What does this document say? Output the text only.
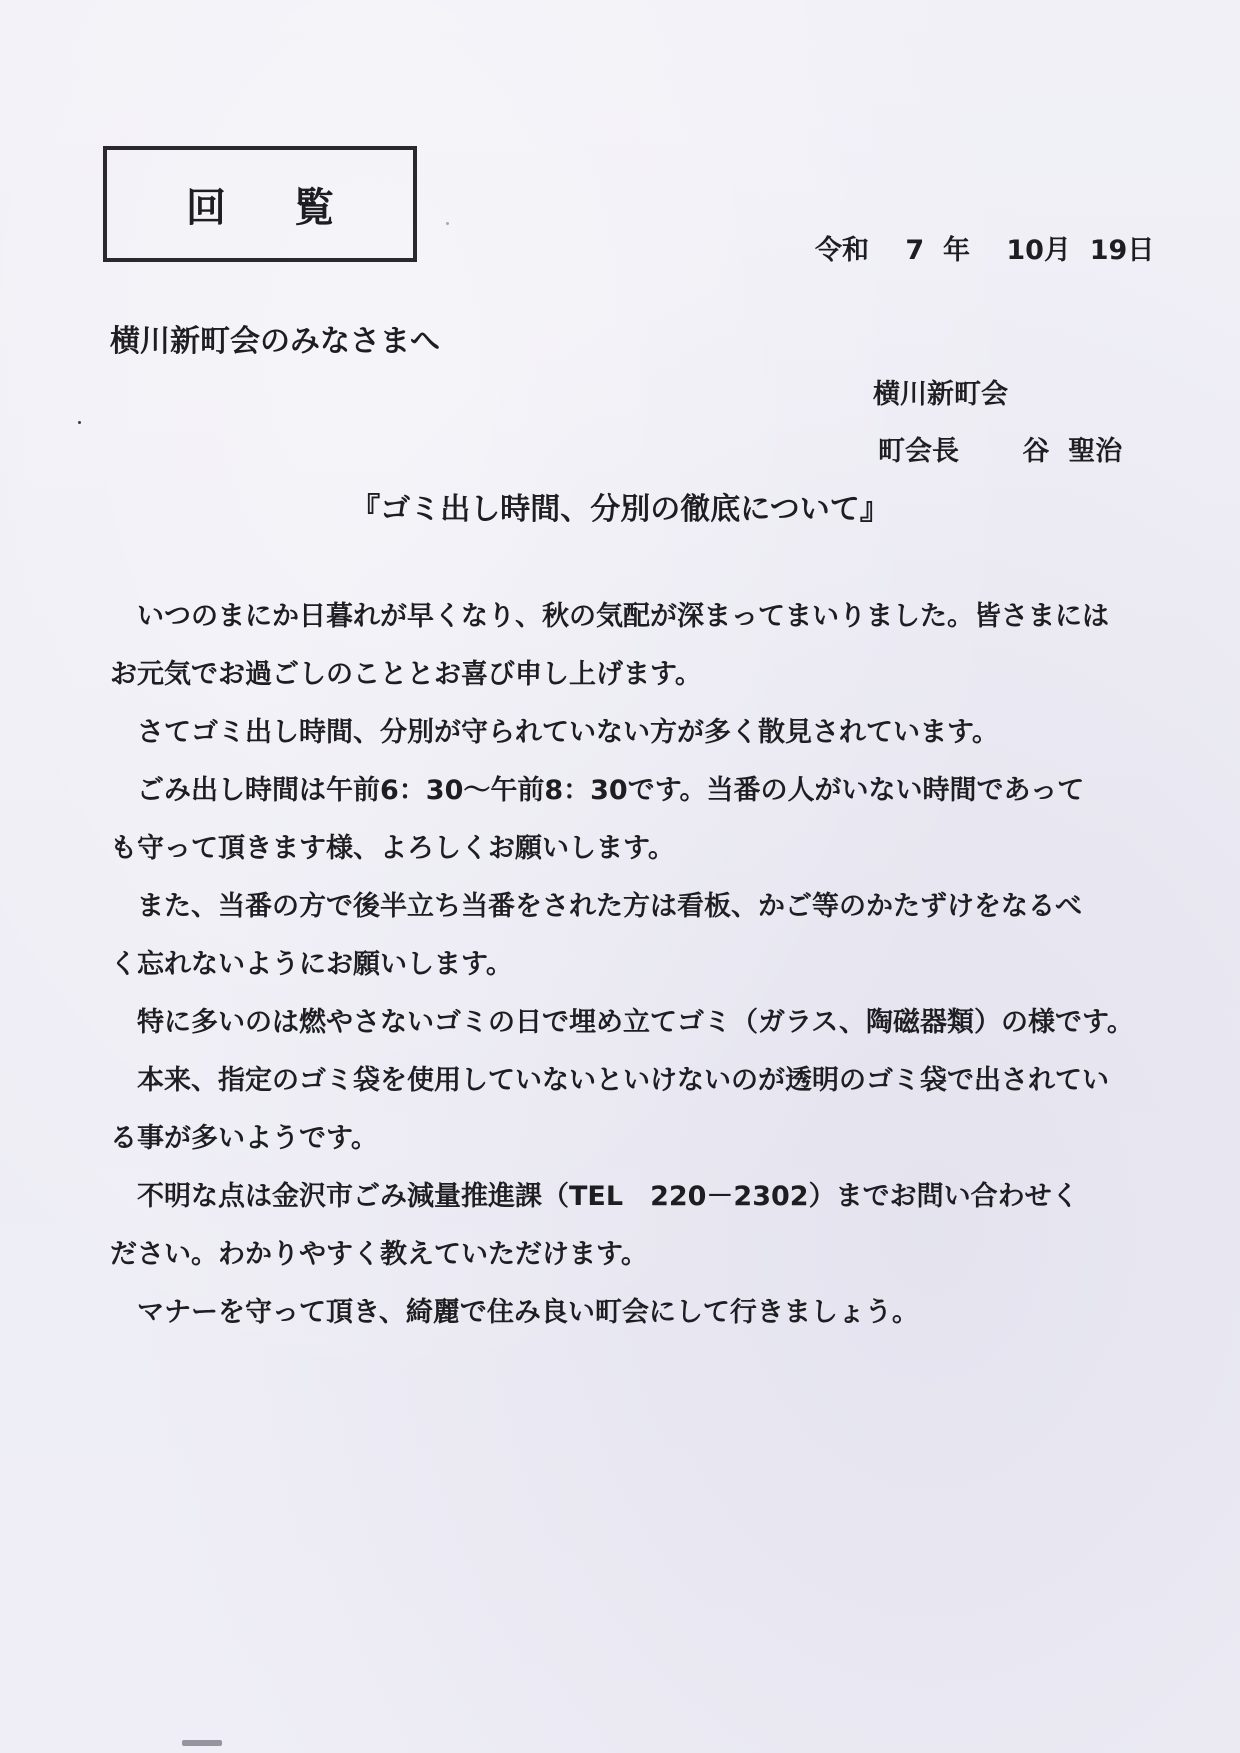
回覧
令和　 7  年 　10月  19日
横川新町会のみなさまへ
横川新町会
町会長　　 谷  聖治
『ゴミ出し時間、分別の徹底について』
　いつのまにか日暮れが早くなり、秋の気配が深まってまいりました。皆さまには
お元気でお過ごしのこととお喜び申し上げます。
　さてゴミ出し時間、分別が守られていない方が多く散見されています。
　ごみ出し時間は午前6：30～午前8：30です。当番の人がいない時間であって
も守って頂きます様、よろしくお願いします。
　また、当番の方で後半立ち当番をされた方は看板、かご等のかたずけをなるべ
く忘れないようにお願いします。
　特に多いのは燃やさないゴミの日で埋め立てゴミ（ガラス、陶磁器類）の様です。
　本来、指定のゴミ袋を使用していないといけないのが透明のゴミ袋で出されてい
る事が多いようです。
　不明な点は金沢市ごみ減量推進課（TEL　220－2302）までお問い合わせく
ださい。わかりやすく教えていただけます。
　マナーを守って頂き、綺麗で住み良い町会にして行きましょう。
